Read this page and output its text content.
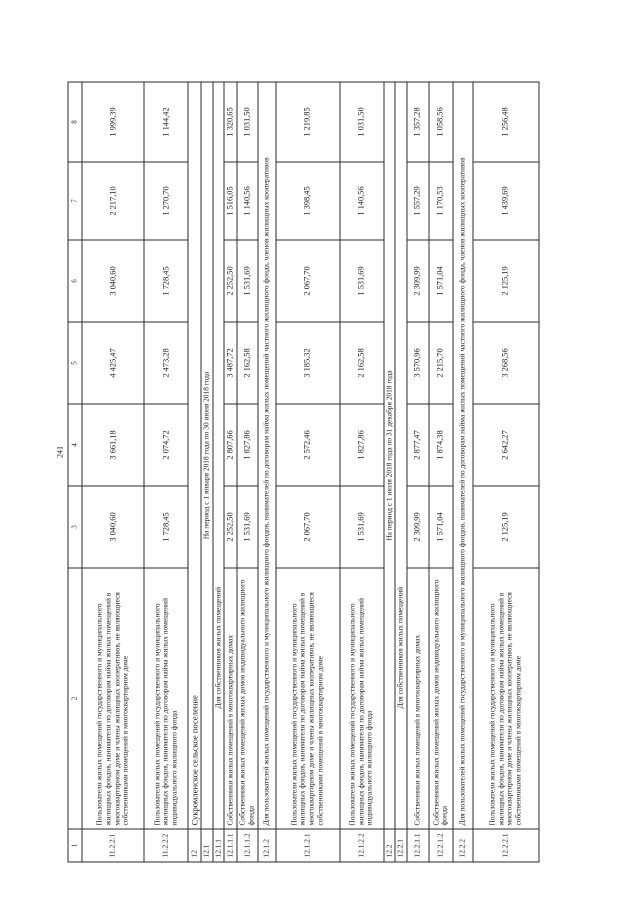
241
1	2	3	4	5	6	7	8
11.2.2.1	Пользователи жилых помещений государственного и муниципального жилищных фондов, наниматели по договорам найма жилых помещений в многоквартирном доме и члены жилищных кооперативов, не являющиеся собственниками помещений в многоквартирном доме	3 040,60	3 661,18	4 425,47	3 040,60	2 217,10	1 999,39
11.2.2.2	Пользователи жилых помещений государственного и муниципального жилищных фондов, наниматели по договорам найма жилых помещений индивидуального жилищного фонда	1 728,45	2 074,72	2 473,28	1 728,45	1 270,70	1 144,42
12	Сукромленское сельское поселение						
12.1	На период с 1 января 2018 года по 30 июня 2018 года						
12.1.1	Для собственников жилых помещений						
12.1.1.1	Собственники жилых помещений в многоквартирных домах	2 252,50	2 807,66	3 487,72	2 252,50	1 516,05	1 320,65
12.1.1.2	Собственники жилых помещений жилых домов индивидуального жилищного фонда	1 531,69	1 827,86	2 162,58	1 531,69	1 140,56	1 031,50
12.1.2	Для пользователей жилых помещений государственного и муниципального жилищного фондов, нанимателей по договорам найма жилых помещений частного жилищного фонда, членов жилищных кооперативов						
12.1.2.1	Пользователи жилых помещений государственного и муниципального жилищных фондов, наниматели по договорам найма жилых помещений в многоквартирном доме и члены жилищных кооперативов, не являющиеся собственниками помещений в многоквартирном доме	2 067,70	2 572,46	3 185,32	2 067,70	1 398,45	1 219,85
12.1.2.2	Пользователи жилых помещений государственного и муниципального жилищных фондов, наниматели по договорам найма жилых помещений индивидуального жилищного фонда	1 531,69	1 827,86	2 162,58	1 531,69	1 140,56	1 031,50
12.2	На период с 1 июля 2018 года по 31 декабря 2018 года						
12.2.1	Для собственников жилых помещений						
12.2.1.1	Собственники жилых помещений в многоквартирных домах	2 309,99	2 877,47	3 570,96	2 309,99	1 557,29	1 357,28
12.2.1.2	Собственники жилых помещений жилых домов индивидуального жилищного фонда	1 571,04	1 874,38	2 215,70	1 571,04	1 170,53	1 058,56
12.2.2	Для пользователей жилых помещений государственного и муниципального жилищного фондов, нанимателей по договорам найма жилых помещений частного жилищного фонда, членов жилищных кооперативов						
12.2.2.1	Пользователи жилых помещений государственного и муниципального жилищных фондов, наниматели по договорам найма жилых помещений в многоквартирном доме и члены жилищных кооперативов, не являющиеся собственниками помещений в многоквартирном доме	2 125,19	2 642,27	3 268,56	2 125,19	1 439,69	1 256,48
